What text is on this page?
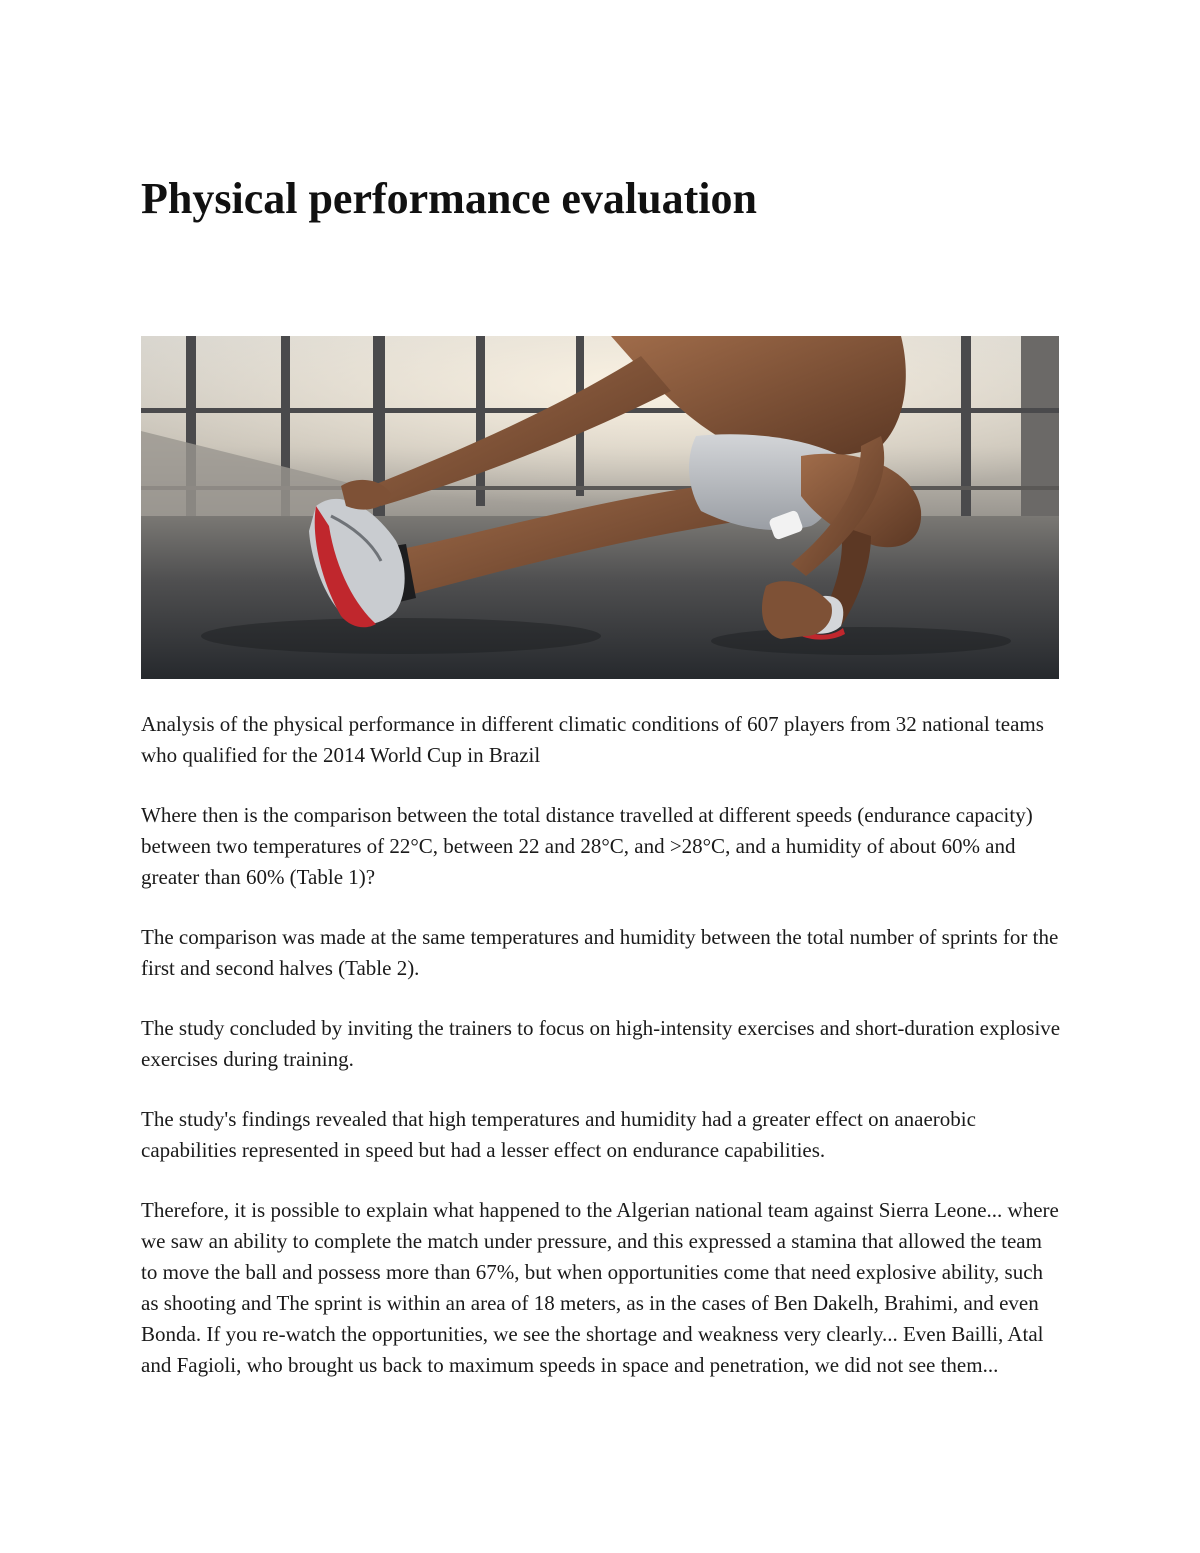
Physical performance evaluation

Analysis of the physical performance in different climatic conditions of 607 players from 32 national teams who qualified for the 2014 World Cup in Brazil

Where then is the comparison between the total distance travelled at different speeds (endurance capacity) between two temperatures of 22°C, between 22 and 28°C, and >28°C, and a humidity of about 60% and greater than 60% (Table 1)?

The comparison was made at the same temperatures and humidity between the total number of sprints for the first and second halves (Table 2).

The study concluded by inviting the trainers to focus on high-intensity exercises and short-duration explosive exercises during training.

The study's findings revealed that high temperatures and humidity had a greater effect on anaerobic capabilities represented in speed but had a lesser effect on endurance capabilities.

Therefore, it is possible to explain what happened to the Algerian national team against Sierra Leone... where we saw an ability to complete the match under pressure, and this expressed a stamina that allowed the team to move the ball and possess more than 67%, but when opportunities come that need explosive ability, such as shooting and The sprint is within an area of 18 meters, as in the cases of Ben Dakelh, Brahimi, and even Bonda. If you re-watch the opportunities, we see the shortage and weakness very clearly... Even Bailli, Atal and Fagioli, who brought us back to maximum speeds in space and penetration, we did not see them...
